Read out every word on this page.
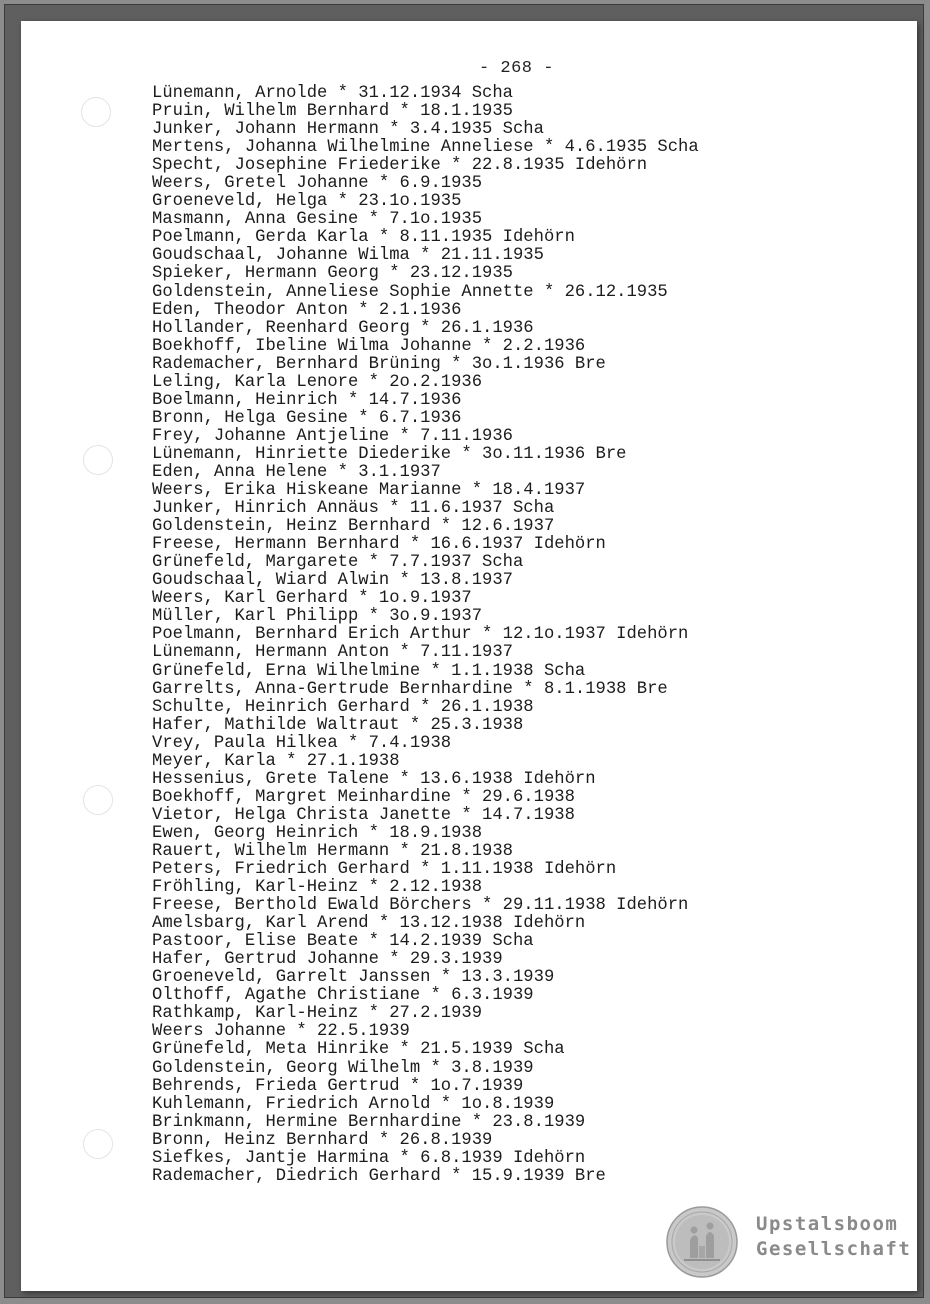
- 268 -
Lünemann, Arnolde * 31.12.1934 Scha
Pruin, Wilhelm Bernhard * 18.1.1935
Junker, Johann Hermann * 3.4.1935 Scha
Mertens, Johanna Wilhelmine Anneliese * 4.6.1935 Scha
Specht, Josephine Friederike * 22.8.1935 Idehörn
Weers, Gretel Johanne * 6.9.1935
Groeneveld, Helga * 23.1o.1935
Masmann, Anna Gesine * 7.1o.1935
Poelmann, Gerda Karla * 8.11.1935 Idehörn
Goudschaal, Johanne Wilma * 21.11.1935
Spieker, Hermann Georg * 23.12.1935
Goldenstein, Anneliese Sophie Annette * 26.12.1935
Eden, Theodor Anton * 2.1.1936
Hollander, Reenhard Georg * 26.1.1936
Boekhoff, Ibeline Wilma Johanne * 2.2.1936
Rademacher, Bernhard Brüning * 3o.1.1936 Bre
Leling, Karla Lenore * 2o.2.1936
Boelmann, Heinrich * 14.7.1936
Bronn, Helga Gesine * 6.7.1936
Frey, Johanne Antjeline * 7.11.1936
Lünemann, Hinriette Diederike * 3o.11.1936 Bre
Eden, Anna Helene * 3.1.1937
Weers, Erika Hiskeane Marianne * 18.4.1937
Junker, Hinrich Annäus * 11.6.1937 Scha
Goldenstein, Heinz Bernhard * 12.6.1937
Freese, Hermann Bernhard * 16.6.1937 Idehörn
Grünefeld, Margarete * 7.7.1937 Scha
Goudschaal, Wiard Alwin * 13.8.1937
Weers, Karl Gerhard * 1o.9.1937
Müller, Karl Philipp * 3o.9.1937
Poelmann, Bernhard Erich Arthur * 12.1o.1937 Idehörn
Lünemann, Hermann Anton * 7.11.1937
Grünefeld, Erna Wilhelmine * 1.1.1938 Scha
Garrelts, Anna-Gertrude Bernhardine * 8.1.1938 Bre
Schulte, Heinrich Gerhard * 26.1.1938
Hafer, Mathilde Waltraut * 25.3.1938
Vrey, Paula Hilkea * 7.4.1938
Meyer, Karla * 27.1.1938
Hessenius, Grete Talene * 13.6.1938 Idehörn
Boekhoff, Margret Meinhardine * 29.6.1938
Vietor, Helga Christa Janette * 14.7.1938
Ewen, Georg Heinrich * 18.9.1938
Rauert, Wilhelm Hermann * 21.8.1938
Peters, Friedrich Gerhard * 1.11.1938 Idehörn
Fröhling, Karl-Heinz * 2.12.1938
Freese, Berthold Ewald Börchers * 29.11.1938 Idehörn
Amelsbarg, Karl Arend * 13.12.1938 Idehörn
Pastoor, Elise Beate * 14.2.1939 Scha
Hafer, Gertrud Johanne * 29.3.1939
Groeneveld, Garrelt Janssen * 13.3.1939
Olthoff, Agathe Christiane * 6.3.1939
Rathkamp, Karl-Heinz * 27.2.1939
Weers Johanne * 22.5.1939
Grünefeld, Meta Hinrike * 21.5.1939 Scha
Goldenstein, Georg Wilhelm * 3.8.1939
Behrends, Frieda Gertrud * 1o.7.1939
Kuhlemann, Friedrich Arnold * 1o.8.1939
Brinkmann, Hermine Bernhardine * 23.8.1939
Bronn, Heinz Bernhard * 26.8.1939
Siefkes, Jantje Harmina * 6.8.1939 Idehörn
Rademacher, Diedrich Gerhard * 15.9.1939 Bre
Upstalsboom
Gesellschaft
